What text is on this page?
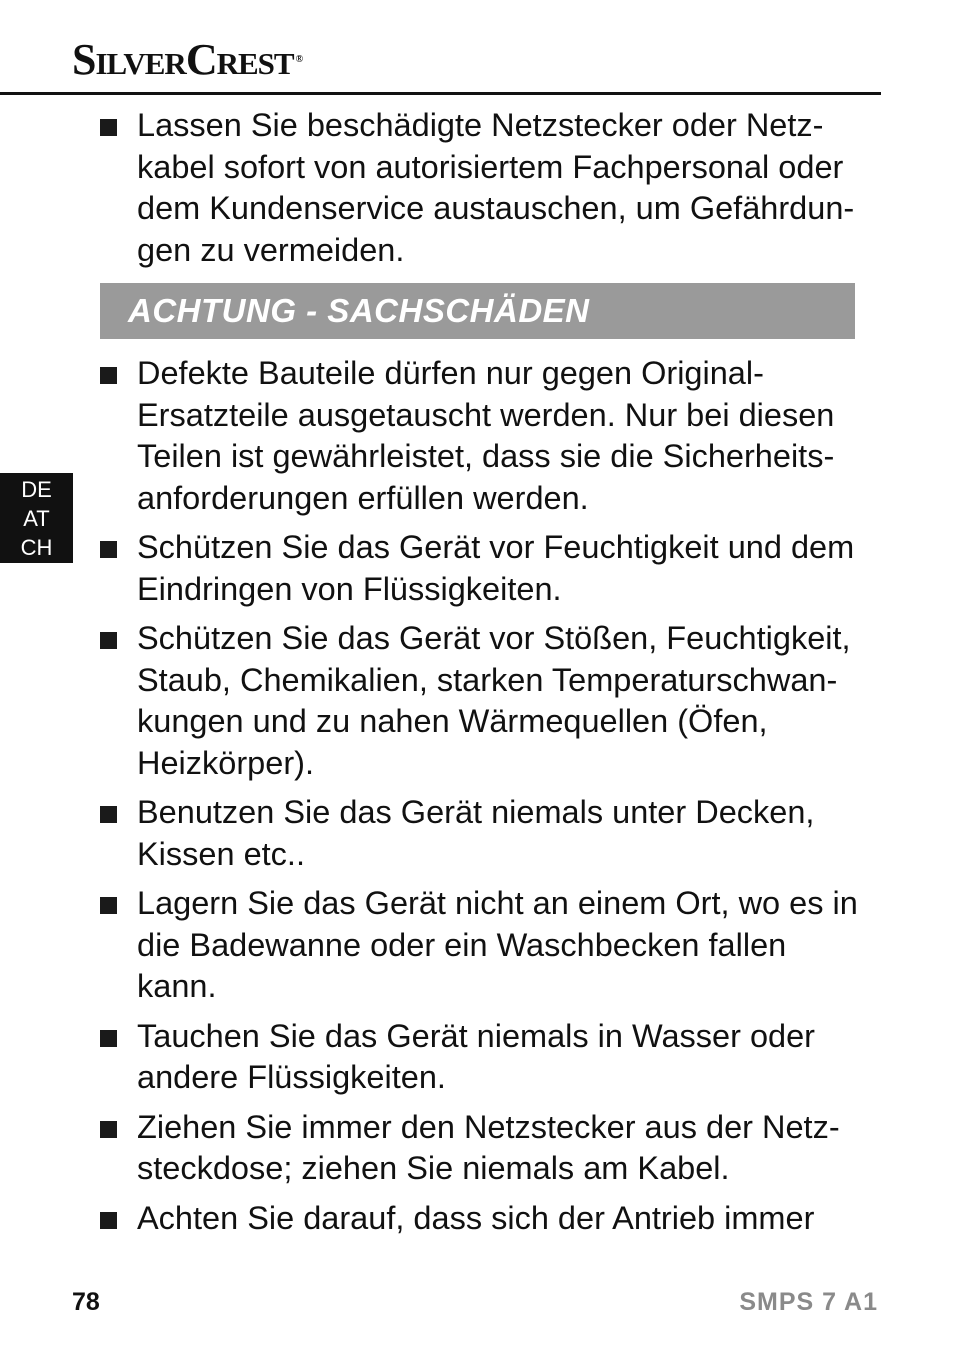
SilverCrest ®
DE
AT
CH
Lassen Sie beschädigte Netzstecker oder Netzkabel sofort von autorisiertem Fachpersonal oder dem Kundenservice austauschen, um Gefährdungen zu vermeiden.
ACHTUNG - SACHSCHÄDEN
Defekte Bauteile dürfen nur gegen Original-Ersatzteile ausgetauscht werden. Nur bei diesen Teilen ist gewährleistet, dass sie die Sicherheitsanforderungen erfüllen werden.
Schützen Sie das Gerät vor Feuchtigkeit und dem Eindringen von Flüssigkeiten.
Schützen Sie das Gerät vor Stößen, Feuchtigkeit, Staub, Chemikalien, starken Temperaturschwankungen und zu nahen Wärmequellen (Öfen, Heizkörper).
Benutzen Sie das Gerät niemals unter Decken, Kissen etc..
Lagern Sie das Gerät nicht an einem Ort, wo es in die Badewanne oder ein Waschbecken fallen kann.
Tauchen Sie das Gerät niemals in Wasser oder andere Flüssigkeiten.
Ziehen Sie immer den Netzstecker aus der Netzsteckdose; ziehen Sie niemals am Kabel.
Achten Sie darauf, dass sich der Antrieb immer
78	SMPS 7 A1
